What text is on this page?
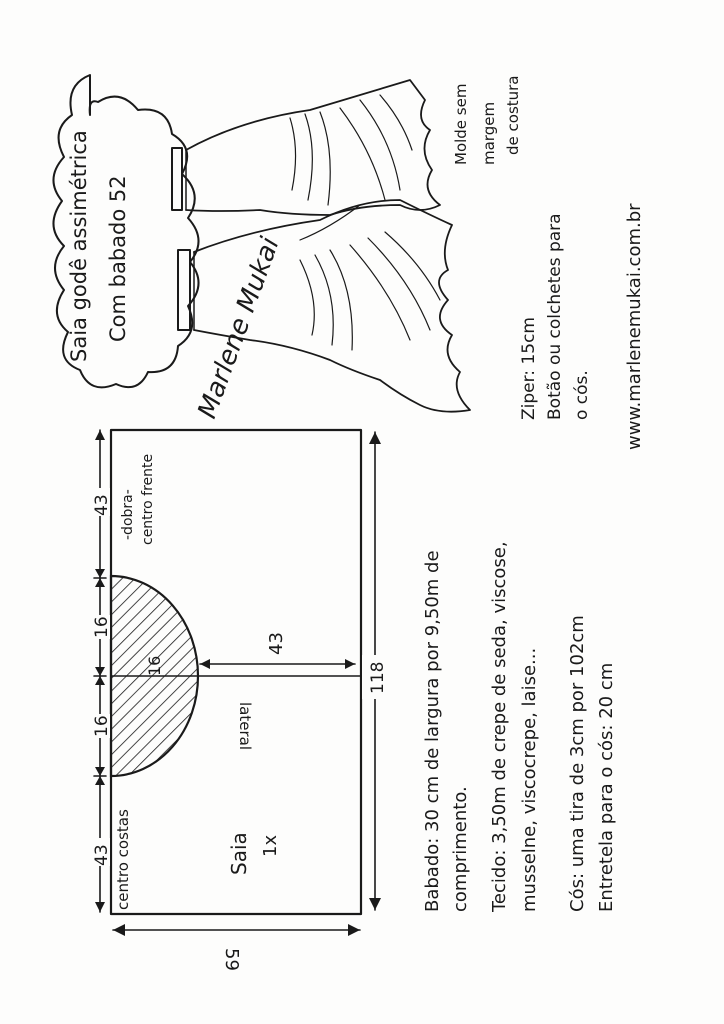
Saia godê assimétrica Com babado 52 Marlene Mukai
Molde sem margem de costura
Ziper: 15cm Botão ou colchetes para o cós. www.marlenemukai.com.br
43
16
lateral
centro costas
-dobra- centro frente
Saia 1x
43
16
16
43
118
59
Babado: 30 cm de largura por 9,50m de comprimento. Tecido: 3,50m de crepe de seda, viscose, musselne, viscocrepe, laise... Cós: uma tira de 3cm por 102cm Entretela para o cós: 20 cm
